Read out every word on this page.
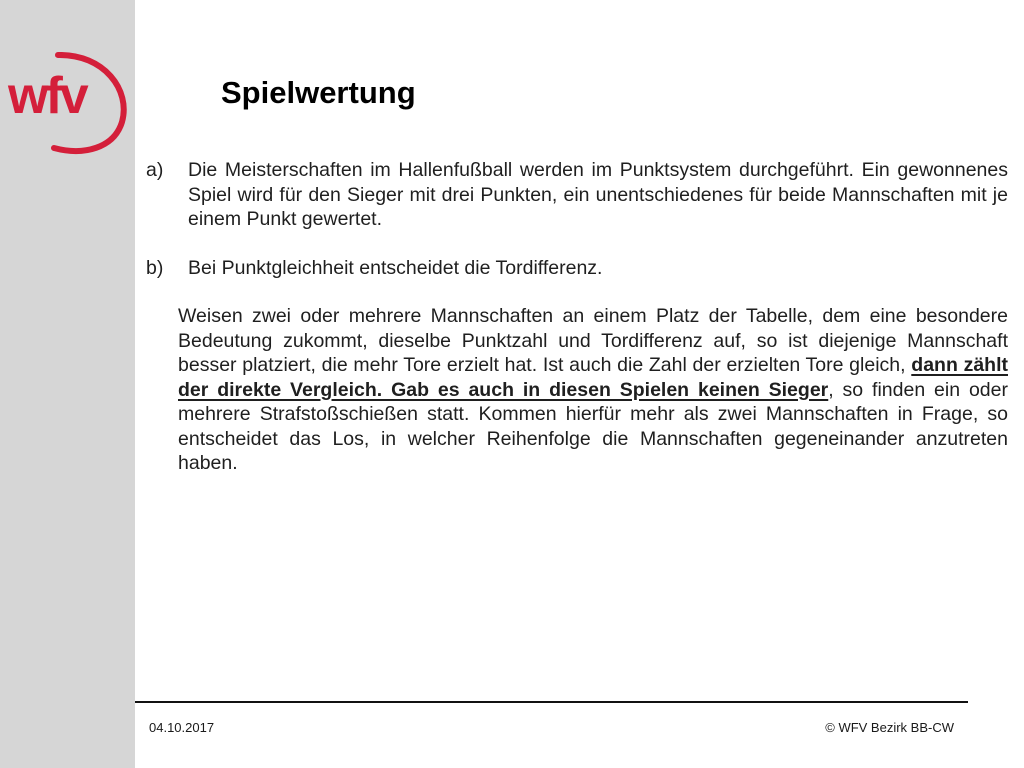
wfv	Spielwertung
a)	Die Meisterschaften im Hallenfußball werden im Punktsystem durchgeführt. Ein gewonnenes Spiel wird für den Sieger mit drei Punkten, ein unentschiedenes für beide Mannschaften mit je einem Punkt gewertet.
b)	Bei Punktgleichheit entscheidet die Tordifferenz.

Weisen zwei oder mehrere Mannschaften an einem Platz der Tabelle, dem eine besondere Bedeutung zukommt, dieselbe Punktzahl und Tordifferenz auf, so ist diejenige Mannschaft besser platziert, die mehr Tore erzielt hat. Ist auch die Zahl der erzielten Tore gleich, dann zählt der direkte Vergleich. Gab es auch in diesen Spielen keinen Sieger, so finden ein oder mehrere Strafstoßschießen statt. Kommen hierfür mehr als zwei Mannschaften in Frage, so entscheidet das Los, in welcher Reihenfolge die Mannschaften gegeneinander anzutreten haben.

04.10.2017	© WFV Bezirk BB-CW
